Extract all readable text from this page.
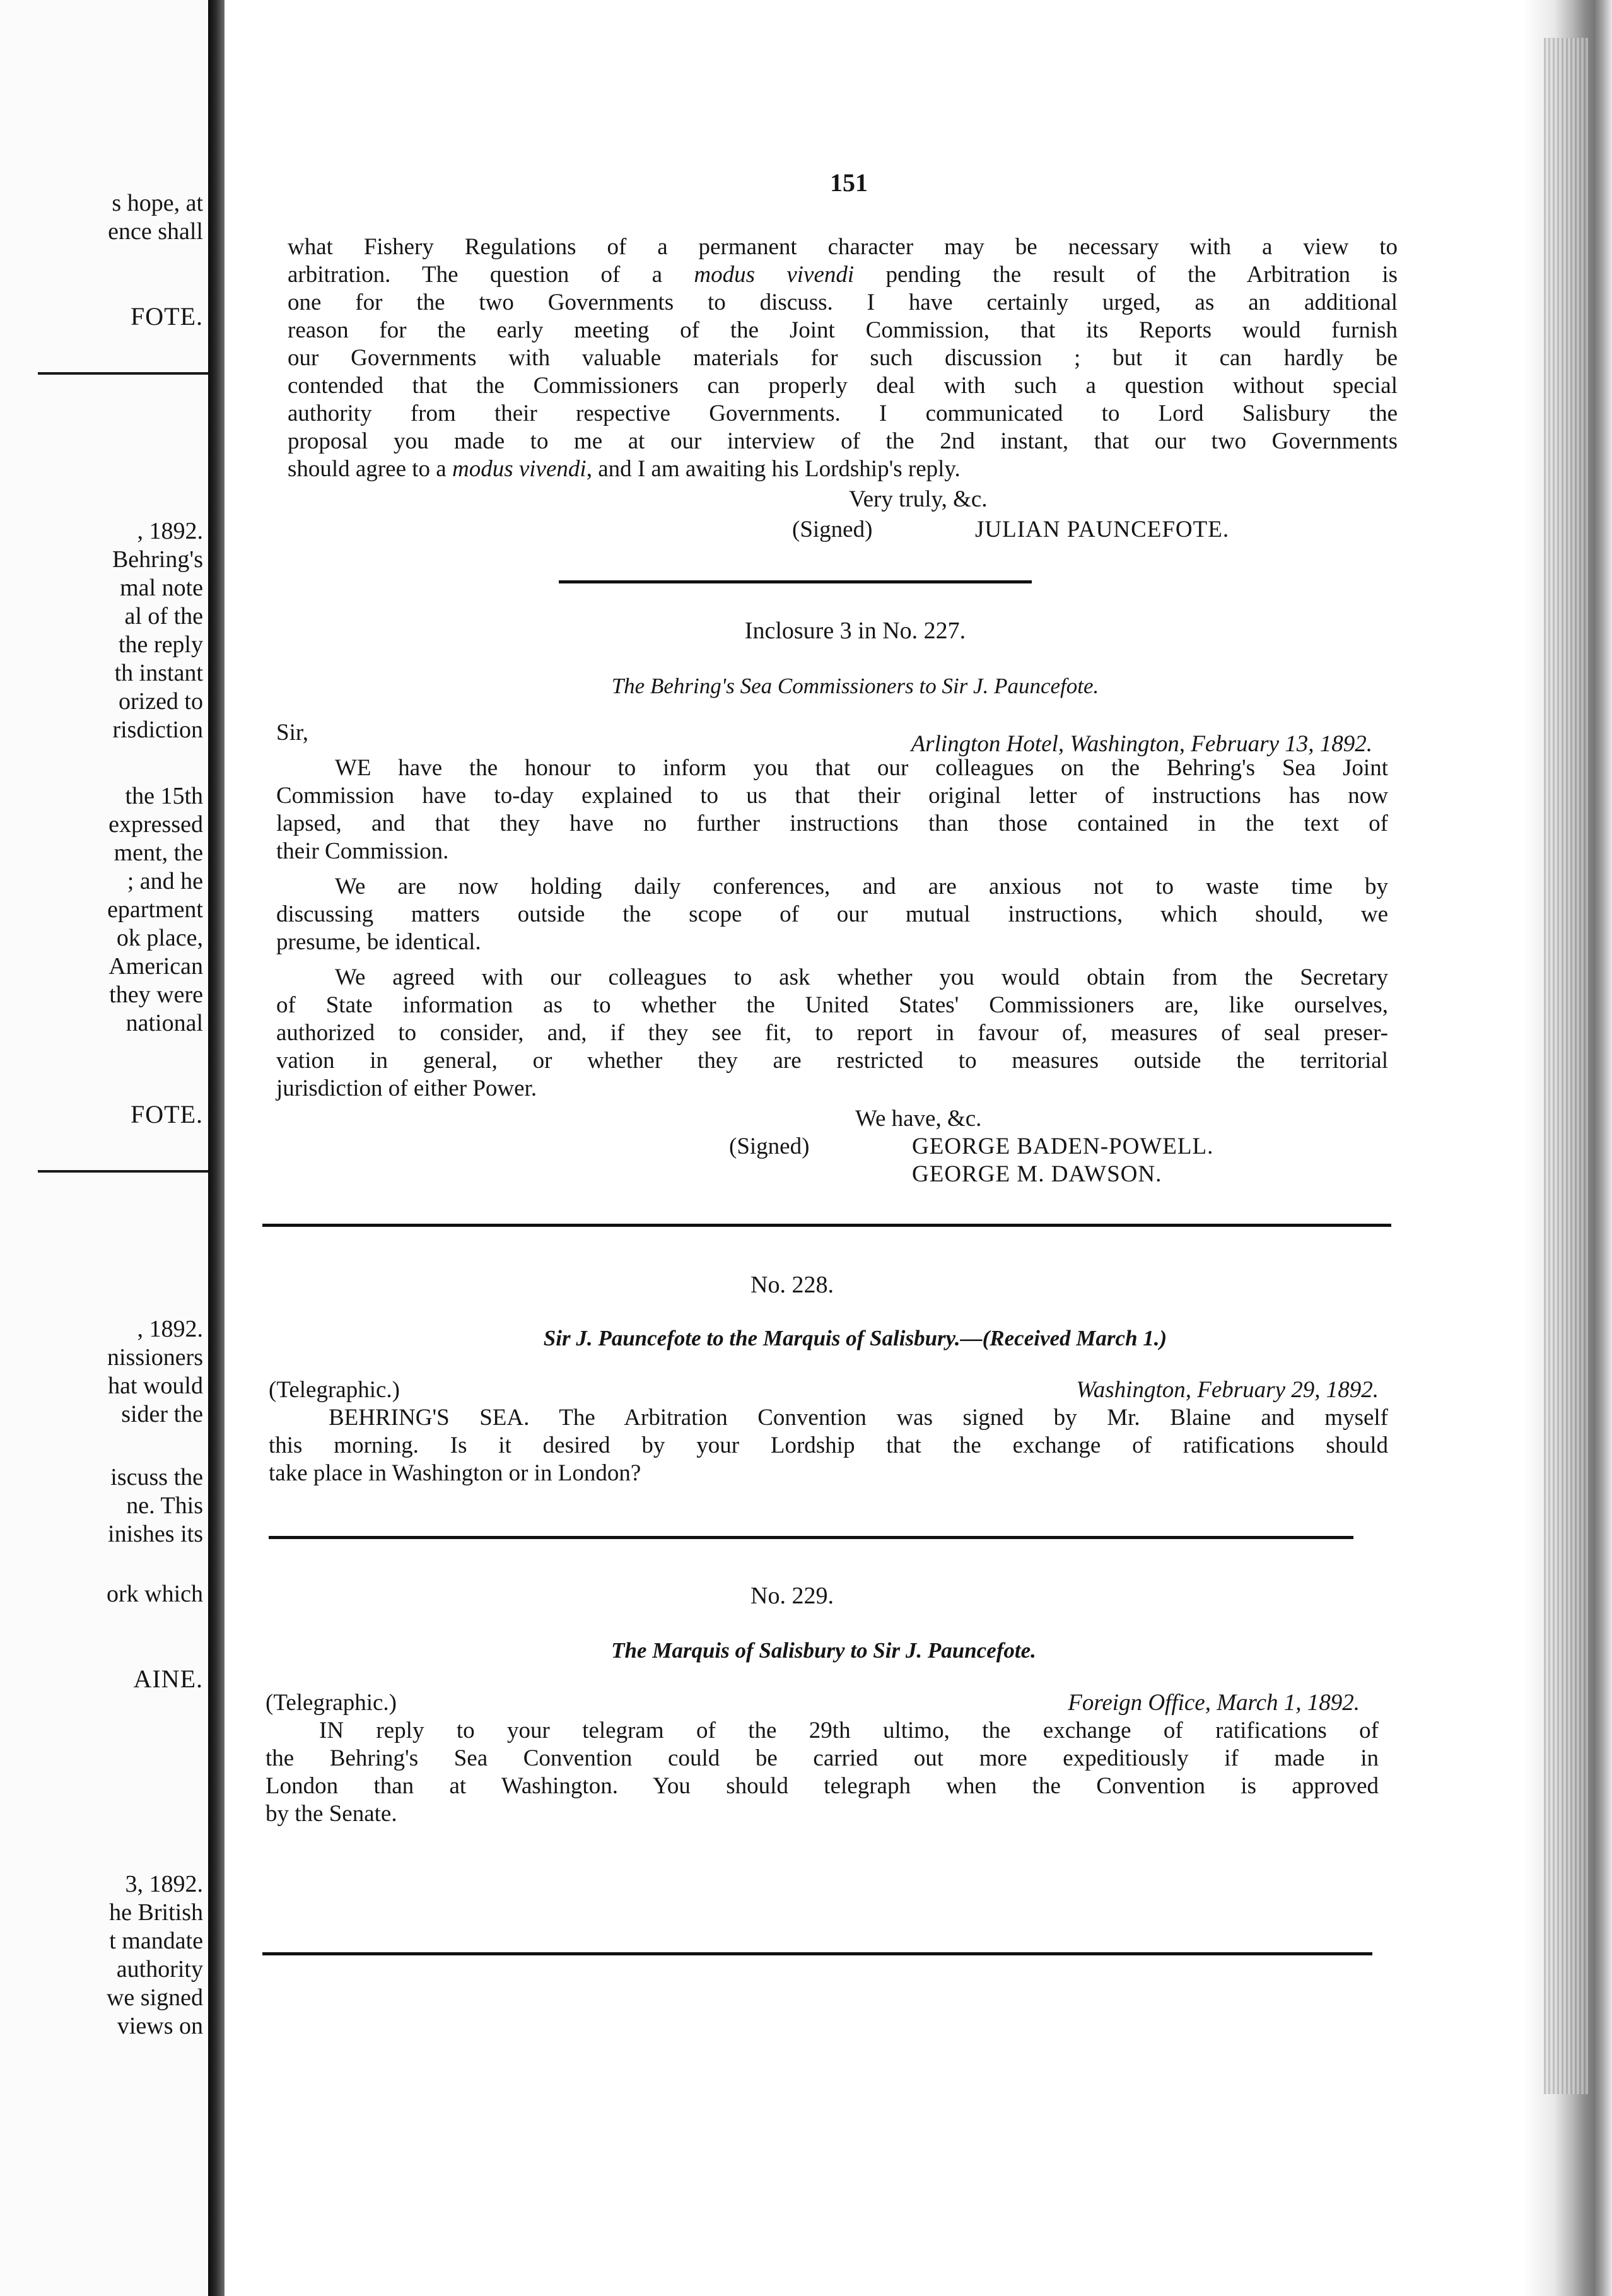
s hope, at
ence shall
FOTE.
, 1892.
Behring's
mal note
al of the
the reply
th instant
orized to
risdiction
the 15th
expressed
ment, the
; and he
epartment
ok place,
American
they were
national
FOTE.
, 1892.
nissioners
hat would
sider the
iscuss the
ne. This
inishes its
ork which
AINE.
3, 1892.
he British
t mandate
authority
we signed
views on
151
what Fishery Regulations of a permanent character may be necessary with a view to
arbitration. The question of a modus vivendi pending the result of the Arbitration is
one for the two Governments to discuss. I have certainly urged, as an additional
reason for the early meeting of the Joint Commission, that its Reports would furnish
our Governments with valuable materials for such discussion ; but it can hardly be
contended that the Commissioners can properly deal with such a question without special
authority from their respective Governments. I communicated to Lord Salisbury the
proposal you made to me at our interview of the 2nd instant, that our two Governments
should agree to a modus vivendi, and I am awaiting his Lordship's reply.
Very truly, &c.
(Signed)	JULIAN PAUNCEFOTE.
Inclosure 3 in No. 227.
The Behring's Sea Commissioners to Sir J. Pauncefote.
Sir,	Arlington Hotel, Washington, February 13, 1892.
WE have the honour to inform you that our colleagues on the Behring's Sea Joint
Commission have to-day explained to us that their original letter of instructions has now
lapsed, and that they have no further instructions than those contained in the text of
their Commission.
We are now holding daily conferences, and are anxious not to waste time by
discussing matters outside the scope of our mutual instructions, which should, we
presume, be identical.
We agreed with our colleagues to ask whether you would obtain from the Secretary
of State information as to whether the United States' Commissioners are, like ourselves,
authorized to consider, and, if they see fit, to report in favour of, measures of seal preser-
vation in general, or whether they are restricted to measures outside the territorial
jurisdiction of either Power.
We have, &c.
(Signed)	GEORGE BADEN-POWELL.
GEORGE M. DAWSON.
No. 228.
Sir J. Pauncefote to the Marquis of Salisbury.—(Received March 1.)
(Telegraphic.)	Washington, February 29, 1892.
BEHRING'S SEA. The Arbitration Convention was signed by Mr. Blaine and myself
this morning. Is it desired by your Lordship that the exchange of ratifications should
take place in Washington or in London?
No. 229.
The Marquis of Salisbury to Sir J. Pauncefote.
(Telegraphic.)	Foreign Office, March 1, 1892.
IN reply to your telegram of the 29th ultimo, the exchange of ratifications of
the Behring's Sea Convention could be carried out more expeditiously if made in
London than at Washington. You should telegraph when the Convention is approved
by the Senate.
